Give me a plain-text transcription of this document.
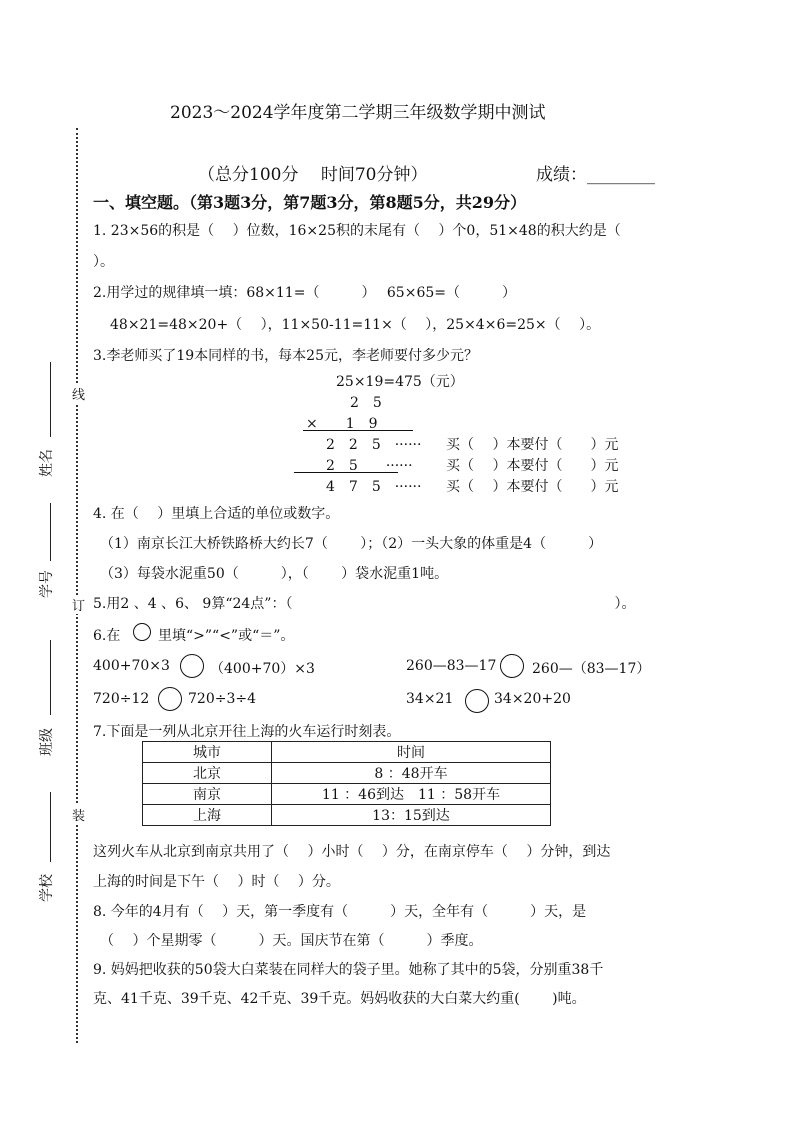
2023～2024学年度第二学期三年级数学期中测试
（总分100分　 时间70分钟）	成绩：________
线
订
装
姓名
学号
班级
学校
一、填空题。（第3题3分，第7题3分，第8题5分，共29分）
1. 23×56的积是（　 ）位数，16×25积的末尾有（　 ）个0，51×48的积大约是（
）。
2.用学过的规律填一填：68×11=（　　　）　 65×65=（　　　）
48×21=48×20+（　 ），11×50-11=11×（　 ），25×4×6=25×（　 ）。
3.李老师买了19本同样的书，每本25元，李老师要付多少元？
25×19=475（元）
2　5
×　　1　9
2　2　5　······
2　5　　······
4　7　5　······
买（　 ）本要付（　　）元
买（　 ）本要付（　　）元
买（　 ）本要付（　　）元
4. 在（　 ）里填上合适的单位或数字。
（1）南京长江大桥铁路桥大约长7（　　 ）；（2）一头大象的体重是4（　　　）
（3）每袋水泥重50（　　　），（　　 ）袋水泥重1吨。
5.用2 、4 、6、 9算“24点”：（　　　　　　　　　　　　　　　　　　　　　　　）。
6.在	里填“>”“<”或“＝”。
400+70×3	（400+70）×3	260—83—17	260—（83—17）
720÷12	720÷3÷4	34×21	34×20+20
7.下面是一列从北京开往上海的火车运行时刻表。
城市	时间
北京	8 ：48开车
南京	11 ：46到达　11 ：58开车
上海	13：15到达
这列火车从北京到南京共用了（　 ）小时（　 ）分，在南京停车（　 ）分钟，到达
上海的时间是下午（　 ）时（　 ）分。
8. 今年的4月有（　 ）天，第一季度有（　　　）天，全年有（　　　）天，是
（　 ）个星期零（　　　）天。国庆节在第（　　　）季度。
9. 妈妈把收获的50袋大白菜装在同样大的袋子里。她称了其中的5袋，分别重38千
克、41千克、39千克、42千克、39千克。妈妈收获的大白菜大约重(　　 )吨。
